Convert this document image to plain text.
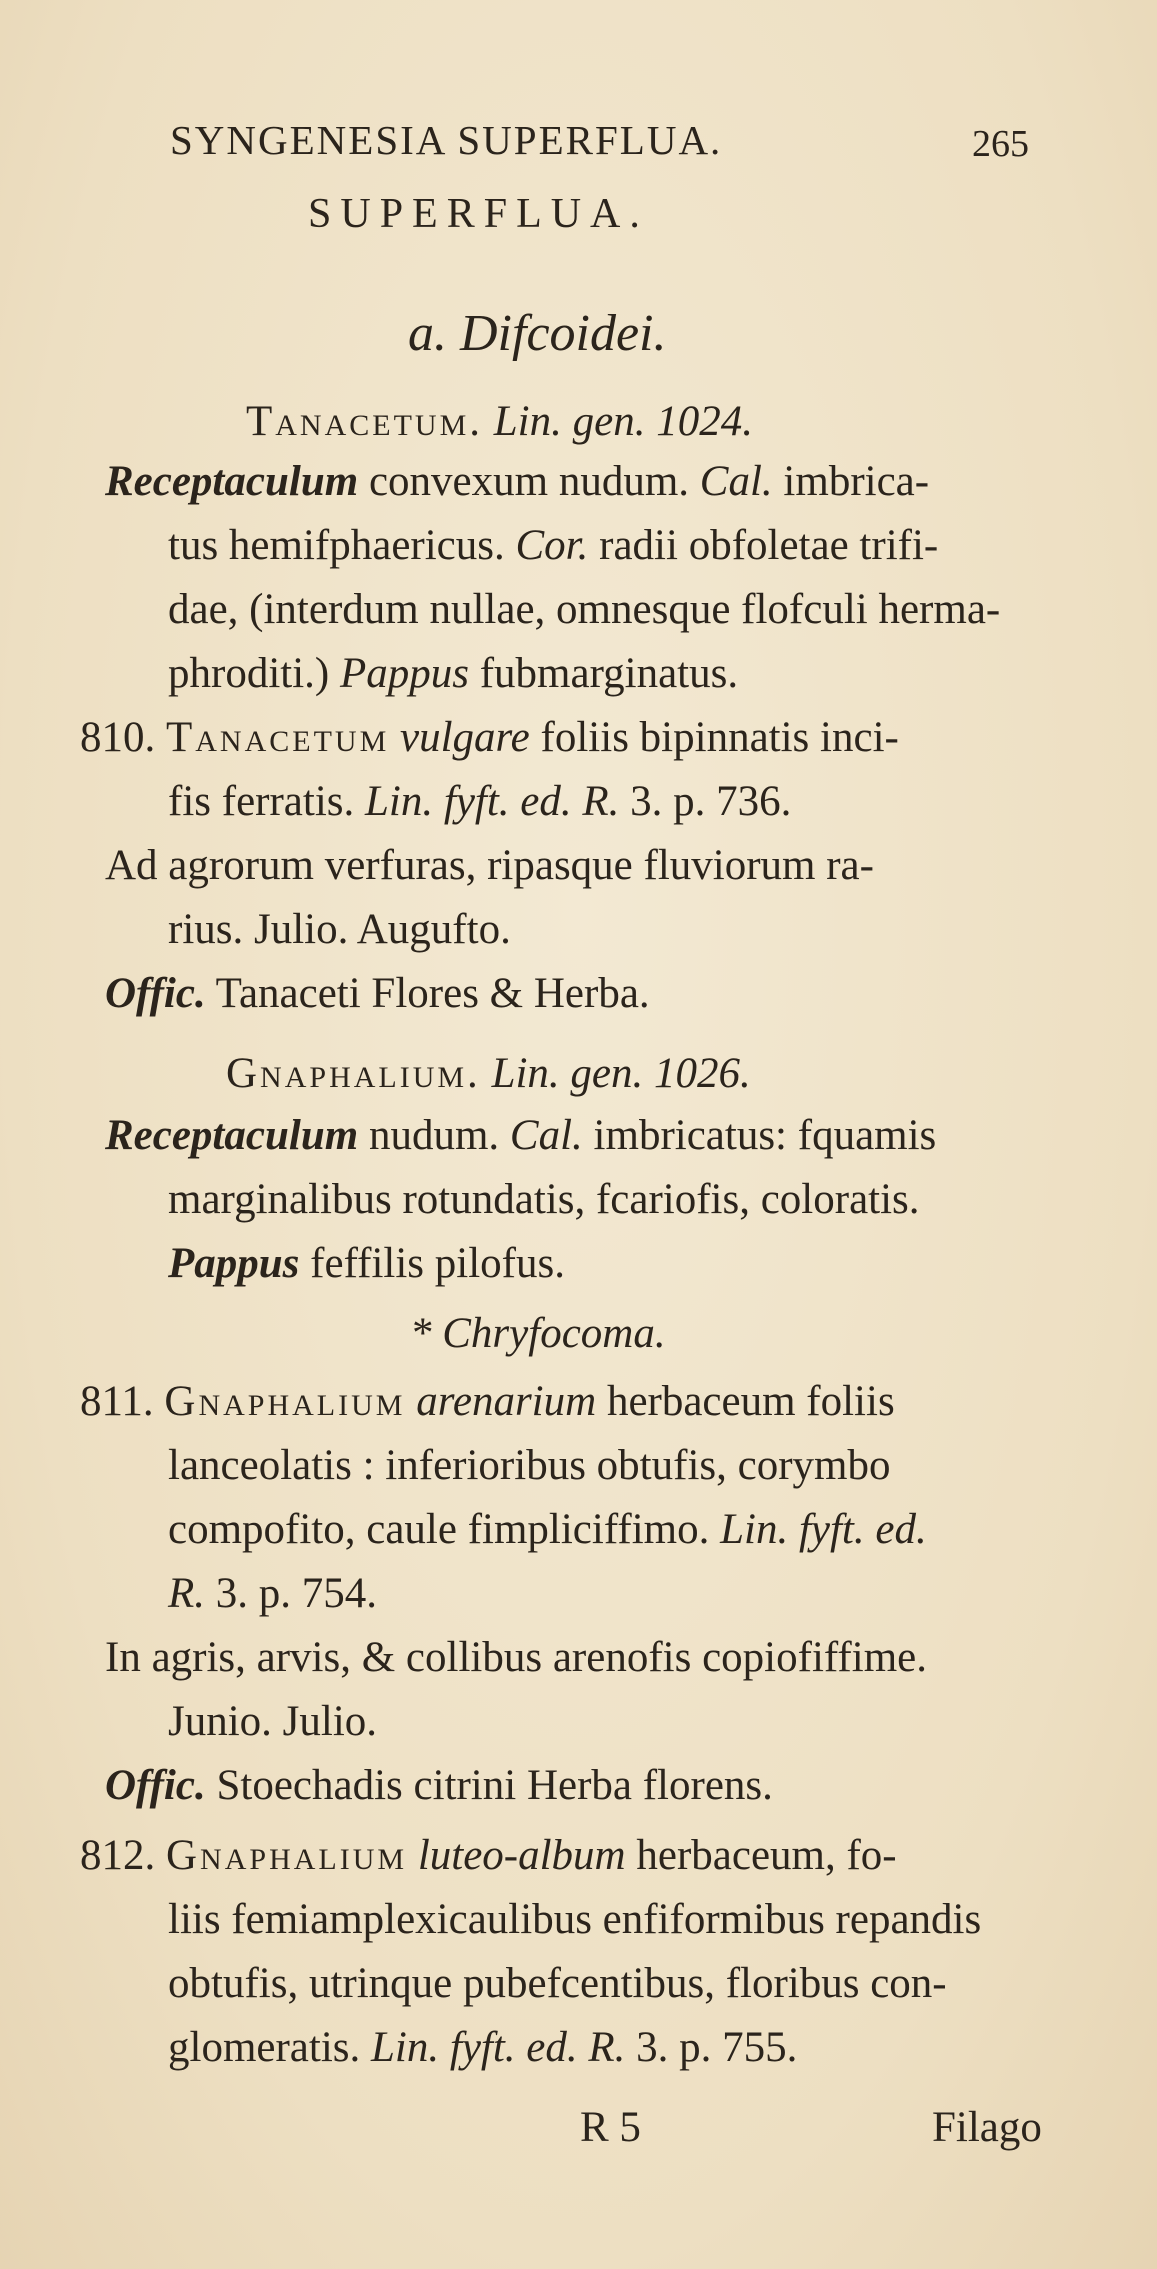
SYNGENESIA SUPERFLUA.	265
SUPERFLUA.
a. Difcoidei.
Tanacetum. Lin. gen. 1024.
Receptaculum convexum nudum. Cal. imbrica-
tus hemifphaericus. Cor. radii obfoletae trifi-
dae, (interdum nullae, omnesque flofculi herma-
phroditi.) Pappus fubmarginatus.
810. Tanacetum vulgare foliis bipinnatis inci-
fis ferratis. Lin. fyft. ed. R. 3. p. 736.
Ad agrorum verfuras, ripasque fluviorum ra-
rius. Julio. Augufto.
Offic. Tanaceti Flores & Herba.
Gnaphalium. Lin. gen. 1026.
Receptaculum nudum. Cal. imbricatus: fquamis
marginalibus rotundatis, fcariofis, coloratis.
Pappus feffilis pilofus.
* Chryfocoma.
811. Gnaphalium arenarium herbaceum foliis
lanceolatis : inferioribus obtufis, corymbo
compofito, caule fimpliciffimo. Lin. fyft. ed.
R. 3. p. 754.
In agris, arvis, & collibus arenofis copiofiffime.
Junio. Julio.
Offic. Stoechadis citrini Herba florens.
812. Gnaphalium luteo-album herbaceum, fo-
liis femiamplexicaulibus enfiformibus repandis
obtufis, utrinque pubefcentibus, floribus con-
glomeratis. Lin. fyft. ed. R. 3. p. 755.
R 5	Filago
